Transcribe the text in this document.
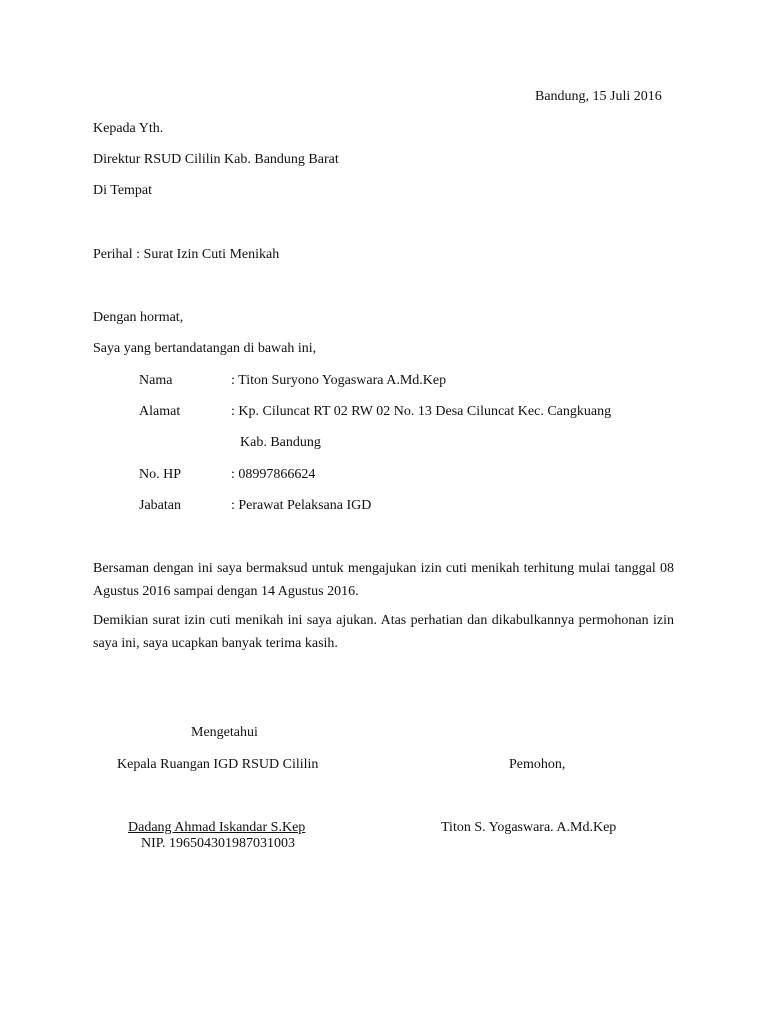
Bandung, 15 Juli 2016
Kepada Yth.
Direktur RSUD Cililin Kab. Bandung Barat
Di Tempat
Perihal : Surat Izin Cuti Menikah
Dengan hormat,
Saya yang bertandatangan di bawah ini,
Nama	: Titon Suryono Yogaswara A.Md.Kep
Alamat	: Kp. Ciluncat RT 02 RW 02 No. 13 Desa Ciluncat Kec. Cangkuang
Kab. Bandung
No. HP	: 08997866624
Jabatan	: Perawat Pelaksana IGD
Bersaman dengan ini saya bermaksud untuk mengajukan izin cuti menikah terhitung mulai tanggal 08 Agustus 2016 sampai dengan 14 Agustus 2016.
Demikian surat izin cuti menikah ini saya ajukan. Atas perhatian dan dikabulkannya permohonan izin saya ini, saya ucapkan banyak terima kasih.
Mengetahui
Kepala Ruangan IGD RSUD Cililin	Pemohon,
Dadang Ahmad Iskandar S.Kep	Titon S. Yogaswara. A.Md.Kep
NIP. 196504301987031003
